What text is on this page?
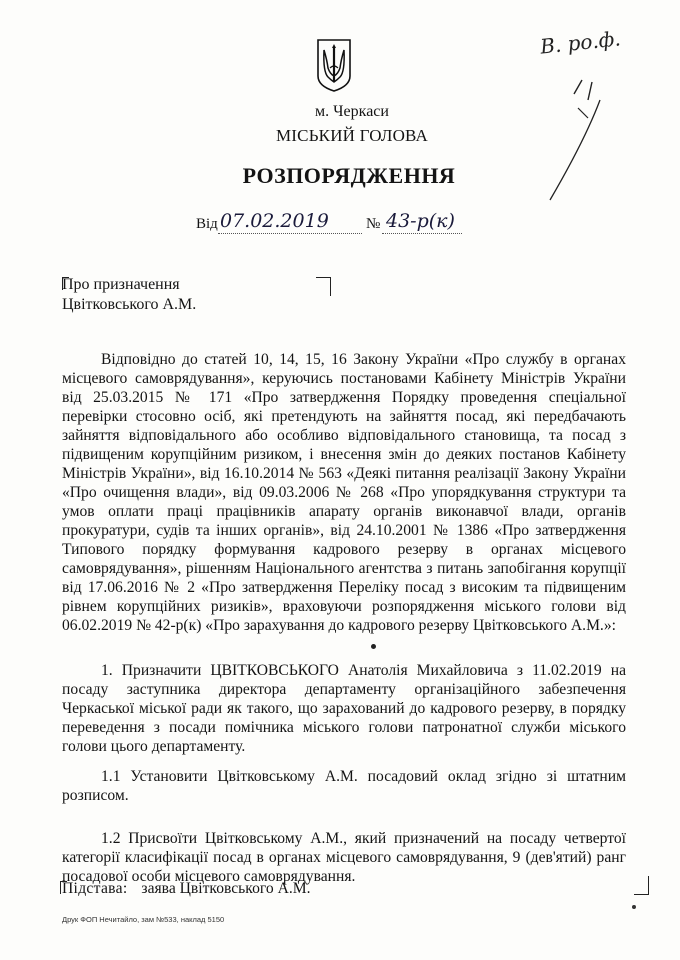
В. ро.ф.
м. Черкаси
МІСЬКИЙ ГОЛОВА
РОЗПОРЯДЖЕННЯ
Від 07.02.2019 № 43-р(к)
Про призначення
Цвітковського А.М.

Відповідно до статей 10, 14, 15, 16 Закону України «Про службу в органах місцевого самоврядування», керуючись постановами Кабінету Міністрів України від 25.03.2015 № 171 «Про затвердження Порядку проведення спеціальної перевірки стосовно осіб, які претендують на зайняття посад, які передбачають зайняття відповідального або особливо відповідального становища, та посад з підвищеним корупційним ризиком, і внесення змін до деяких постанов Кабінету Міністрів України», від 16.10.2014 № 563 «Деякі питання реалізації Закону України «Про очищення влади», від 09.03.2006 № 268 «Про упорядкування структури та умов оплати праці працівників апарату органів виконавчої влади, органів прокуратури, судів та інших органів», від 24.10.2001 № 1386 «Про затвердження Типового порядку формування кадрового резерву в органах місцевого самоврядування», рішенням Національного агентства з питань запобігання корупції від 17.06.2016 № 2 «Про затвердження Переліку посад з високим та підвищеним рівнем корупційних ризиків», враховуючи розпорядження міського голови від 06.02.2019 № 42-р(к) «Про зарахування до кадрового резерву Цвітковського А.М.»:

1. Призначити ЦВІТКОВСЬКОГО Анатолія Михайловича з 11.02.2019 на посаду заступника директора департаменту організаційного забезпечення Черкаської міської ради як такого, що зарахований до кадрового резерву, в порядку переведення з посади помічника міського голови патронатної служби міського голови цього департаменту.

1.1 Установити Цвітковському А.М. посадовий оклад згідно зі штатним розписом.

1.2 Присвоїти Цвітковському А.М., який призначений на посаду четвертої категорії класифікації посад в органах місцевого самоврядування, 9 (дев'ятий) ранг посадової особи місцевого самоврядування.

Підстава: заява Цвітковського А.М.
Друк ФОП Нечитайло, зам №533, наклад 5150
